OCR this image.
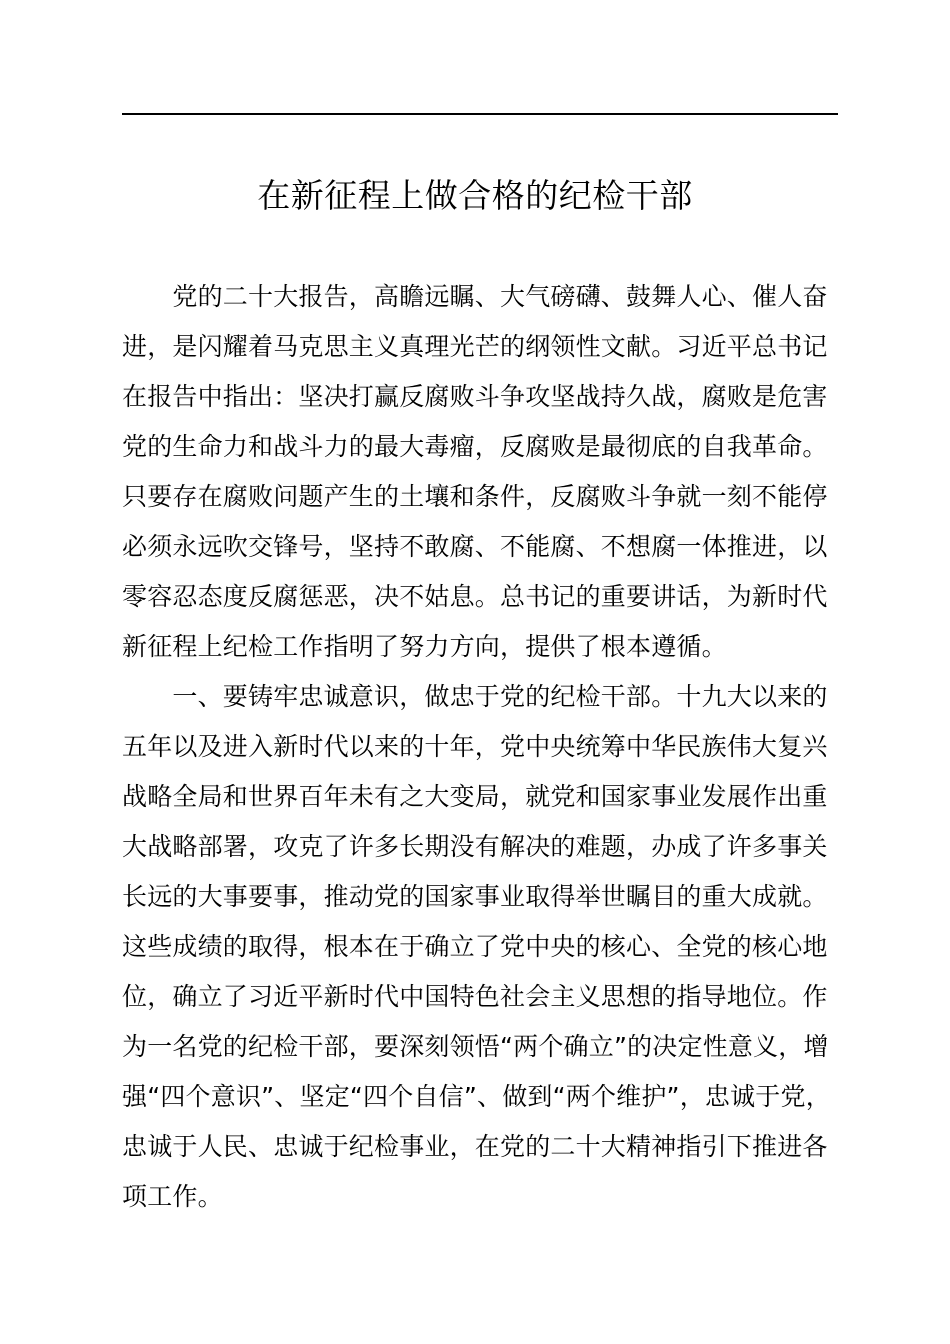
在新征程上做合格的纪检干部
　　党的二十大报告，高瞻远瞩、大气磅礴、鼓舞人心、催人奋
进，是闪耀着马克思主义真理光芒的纲领性文献。习近平总书记
在报告中指出：坚决打赢反腐败斗争攻坚战持久战，腐败是危害
党的生命力和战斗力的最大毒瘤，反腐败是最彻底的自我革命。
只要存在腐败问题产生的土壤和条件，反腐败斗争就一刻不能停
必须永远吹交锋号，坚持不敢腐、不能腐、不想腐一体推进，以
零容忍态度反腐惩恶，决不姑息。总书记的重要讲话，为新时代
新征程上纪检工作指明了努力方向，提供了根本遵循。
　　一、要铸牢忠诚意识，做忠于党的纪检干部。十九大以来的
五年以及进入新时代以来的十年，党中央统筹中华民族伟大复兴
战略全局和世界百年未有之大变局，就党和国家事业发展作出重
大战略部署，攻克了许多长期没有解决的难题，办成了许多事关
长远的大事要事，推动党的国家事业取得举世瞩目的重大成就。
这些成绩的取得，根本在于确立了党中央的核心、全党的核心地
位，确立了习近平新时代中国特色社会主义思想的指导地位。作
为一名党的纪检干部，要深刻领悟“两个确立”的决定性意义，增
强“四个意识”、坚定“四个自信”、做到“两个维护”，忠诚于党，
忠诚于人民、忠诚于纪检事业，在党的二十大精神指引下推进各
项工作。
